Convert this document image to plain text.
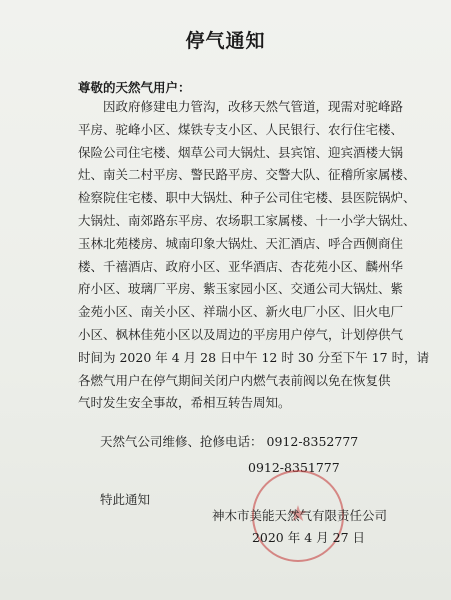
停气通知
尊敬的天然气用户：
因政府修建电力管沟，改移天然气管道，现需对驼峰路
平房、驼峰小区、煤铁专支小区、人民银行、农行住宅楼、
保险公司住宅楼、烟草公司大锅灶、县宾馆、迎宾酒楼大锅
灶、南关二村平房、警民路平房、交警大队、征稽所家属楼、
检察院住宅楼、职中大锅灶、种子公司住宅楼、县医院锅炉、
大锅灶、南郊路东平房、农场职工家属楼、十一小学大锅灶、
玉林北苑楼房、城南印象大锅灶、天汇酒店、呼合西侧商住
楼、千禧酒店、政府小区、亚华酒店、杏花苑小区、麟州华
府小区、玻璃厂平房、紫玉家园小区、交通公司大锅灶、紫
金苑小区、南关小区、祥瑞小区、新火电厂小区、旧火电厂
小区、枫林佳苑小区以及周边的平房用户停气，计划停供气
时间为 2020 年 4 月 28 日中午 12 时 30 分至下午 17 时，请
各燃气用户在停气期间关闭户内燃气表前阀以免在恢复供
气时发生安全事故，希相互转告周知。
天然气公司维修、抢修电话： 0912-8352777
0912-8351777
特此通知
★
神木市美能天然气有限责任公司
2020 年 4 月 27 日
